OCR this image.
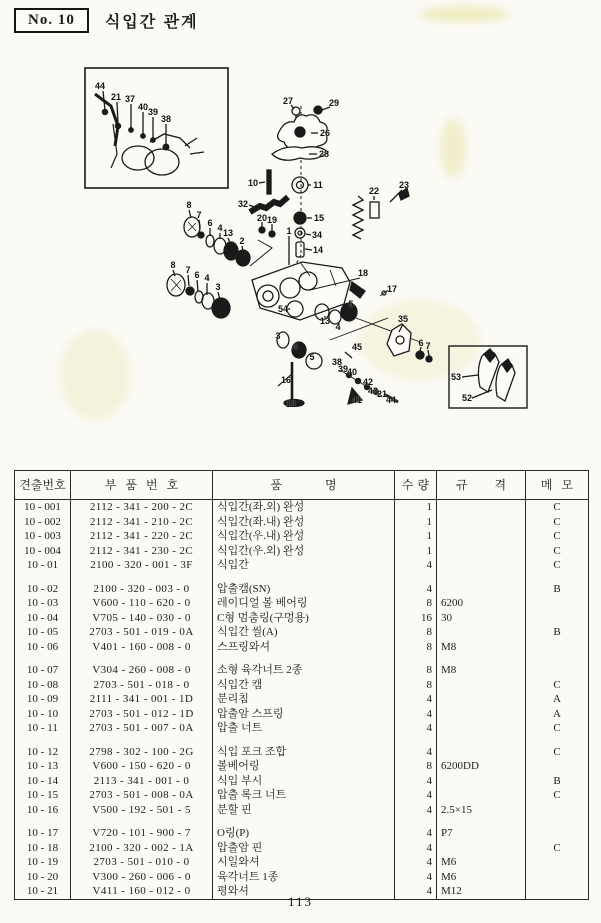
No. 10	식입간 관계
44
21 37
40 39
38
27	29
26
28
10	11
32
15
34
14
22
23
1
20 19
8
7
6 4 13
2
8 7 6 4
3
18
17
54
13
4
5
3
4
5
16
12
45
38
39
40
41
42
43
21
44
35
6 7
53
52
견출번호	부 품 번 호	품 명	수 량	규 격	메 모
10 - 001	2112 - 341 - 200 - 2C	식입간(좌.외) 완성	1		C
10 - 002	2112 - 341 - 210 - 2C	식입간(좌.내) 완성	1		C
10 - 003	2112 - 341 - 220 - 2C	식입간(우.내) 완성	1		C
10 - 004	2112 - 341 - 230 - 2C	식입간(우.외) 완성	1		C
10 - 01	2100 - 320 - 001 - 3F	식입간	4		C

10 - 02	2100 - 320 - 003 - 0	압출캠(SN)	4		B
10 - 03	V600 - 110 - 620 - 0	레이디얼 볼 베어링	8	6200	
10 - 04	V705 - 140 - 030 - 0	C형 멈춤링(구멍용)	16	30	
10 - 05	2703 - 501 - 019 - 0A	식입간 씰(A)	8		B
10 - 06	V401 - 160 - 008 - 0	스프링와셔	8	M8	

10 - 07	V304 - 260 - 008 - 0	소형 육각너트 2종	8	M8	
10 - 08	2703 - 501 - 018 - 0	식입간 캠	8		C
10 - 09	2111 - 341 - 001 - 1D	분리침	4		A
10 - 10	2703 - 501 - 012 - 1D	압출암 스프링	4		A
10 - 11	2703 - 501 - 007 - 0A	압출 너트	4		C

10 - 12	2798 - 302 - 100 - 2G	식입 포크 조합	4		C
10 - 13	V600 - 150 - 620 - 0	볼베어링	8	6200DD	
10 - 14	2113 - 341 - 001 - 0	식입 부시	4		B
10 - 15	2703 - 501 - 008 - 0A	압출 록크 너트	4		C
10 - 16	V500 - 192 - 501 - 5	분할 핀	4	2.5×15	

10 - 17	V720 - 101 - 900 - 7	O링(P)	4	P7	
10 - 18	2100 - 320 - 002 - 1A	압출암 핀	4		C
10 - 19	2703 - 501 - 010 - 0	시일와셔	4	M6	
10 - 20	V300 - 260 - 006 - 0	육각너트 1종	4	M6	
10 - 21	V411 - 160 - 012 - 0	평와셔	4	M12	
113
